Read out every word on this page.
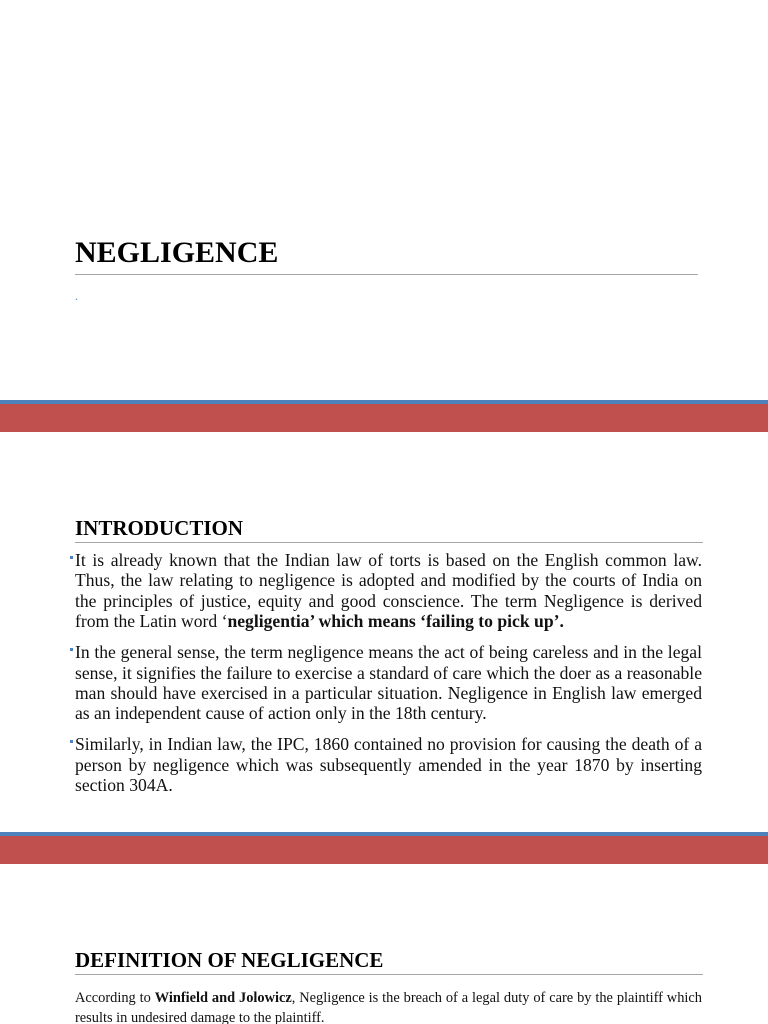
NEGLIGENCE
.
INTRODUCTION
It is already known that the Indian law of torts is based on the English common law. Thus, the law relating to negligence is adopted and modified by the courts of India on the principles of justice, equity and good conscience. The term Negligence is derived from the Latin word ‘negligentia’ which means ‘failing to pick up’.
In the general sense, the term negligence means the act of being careless and in the legal sense, it signifies the failure to exercise a standard of care which the doer as a reasonable man should have exercised in a particular situation. Negligence in English law emerged as an independent cause of action only in the 18th century.
Similarly, in Indian law, the IPC, 1860 contained no provision for causing the death of a person by negligence which was subsequently amended in the year 1870 by inserting section 304A.
DEFINITION OF NEGLIGENCE

According to Winfield and Jolowicz, Negligence is the breach of a legal duty of care by the plaintiff which results in undesired damage to the plaintiff.
